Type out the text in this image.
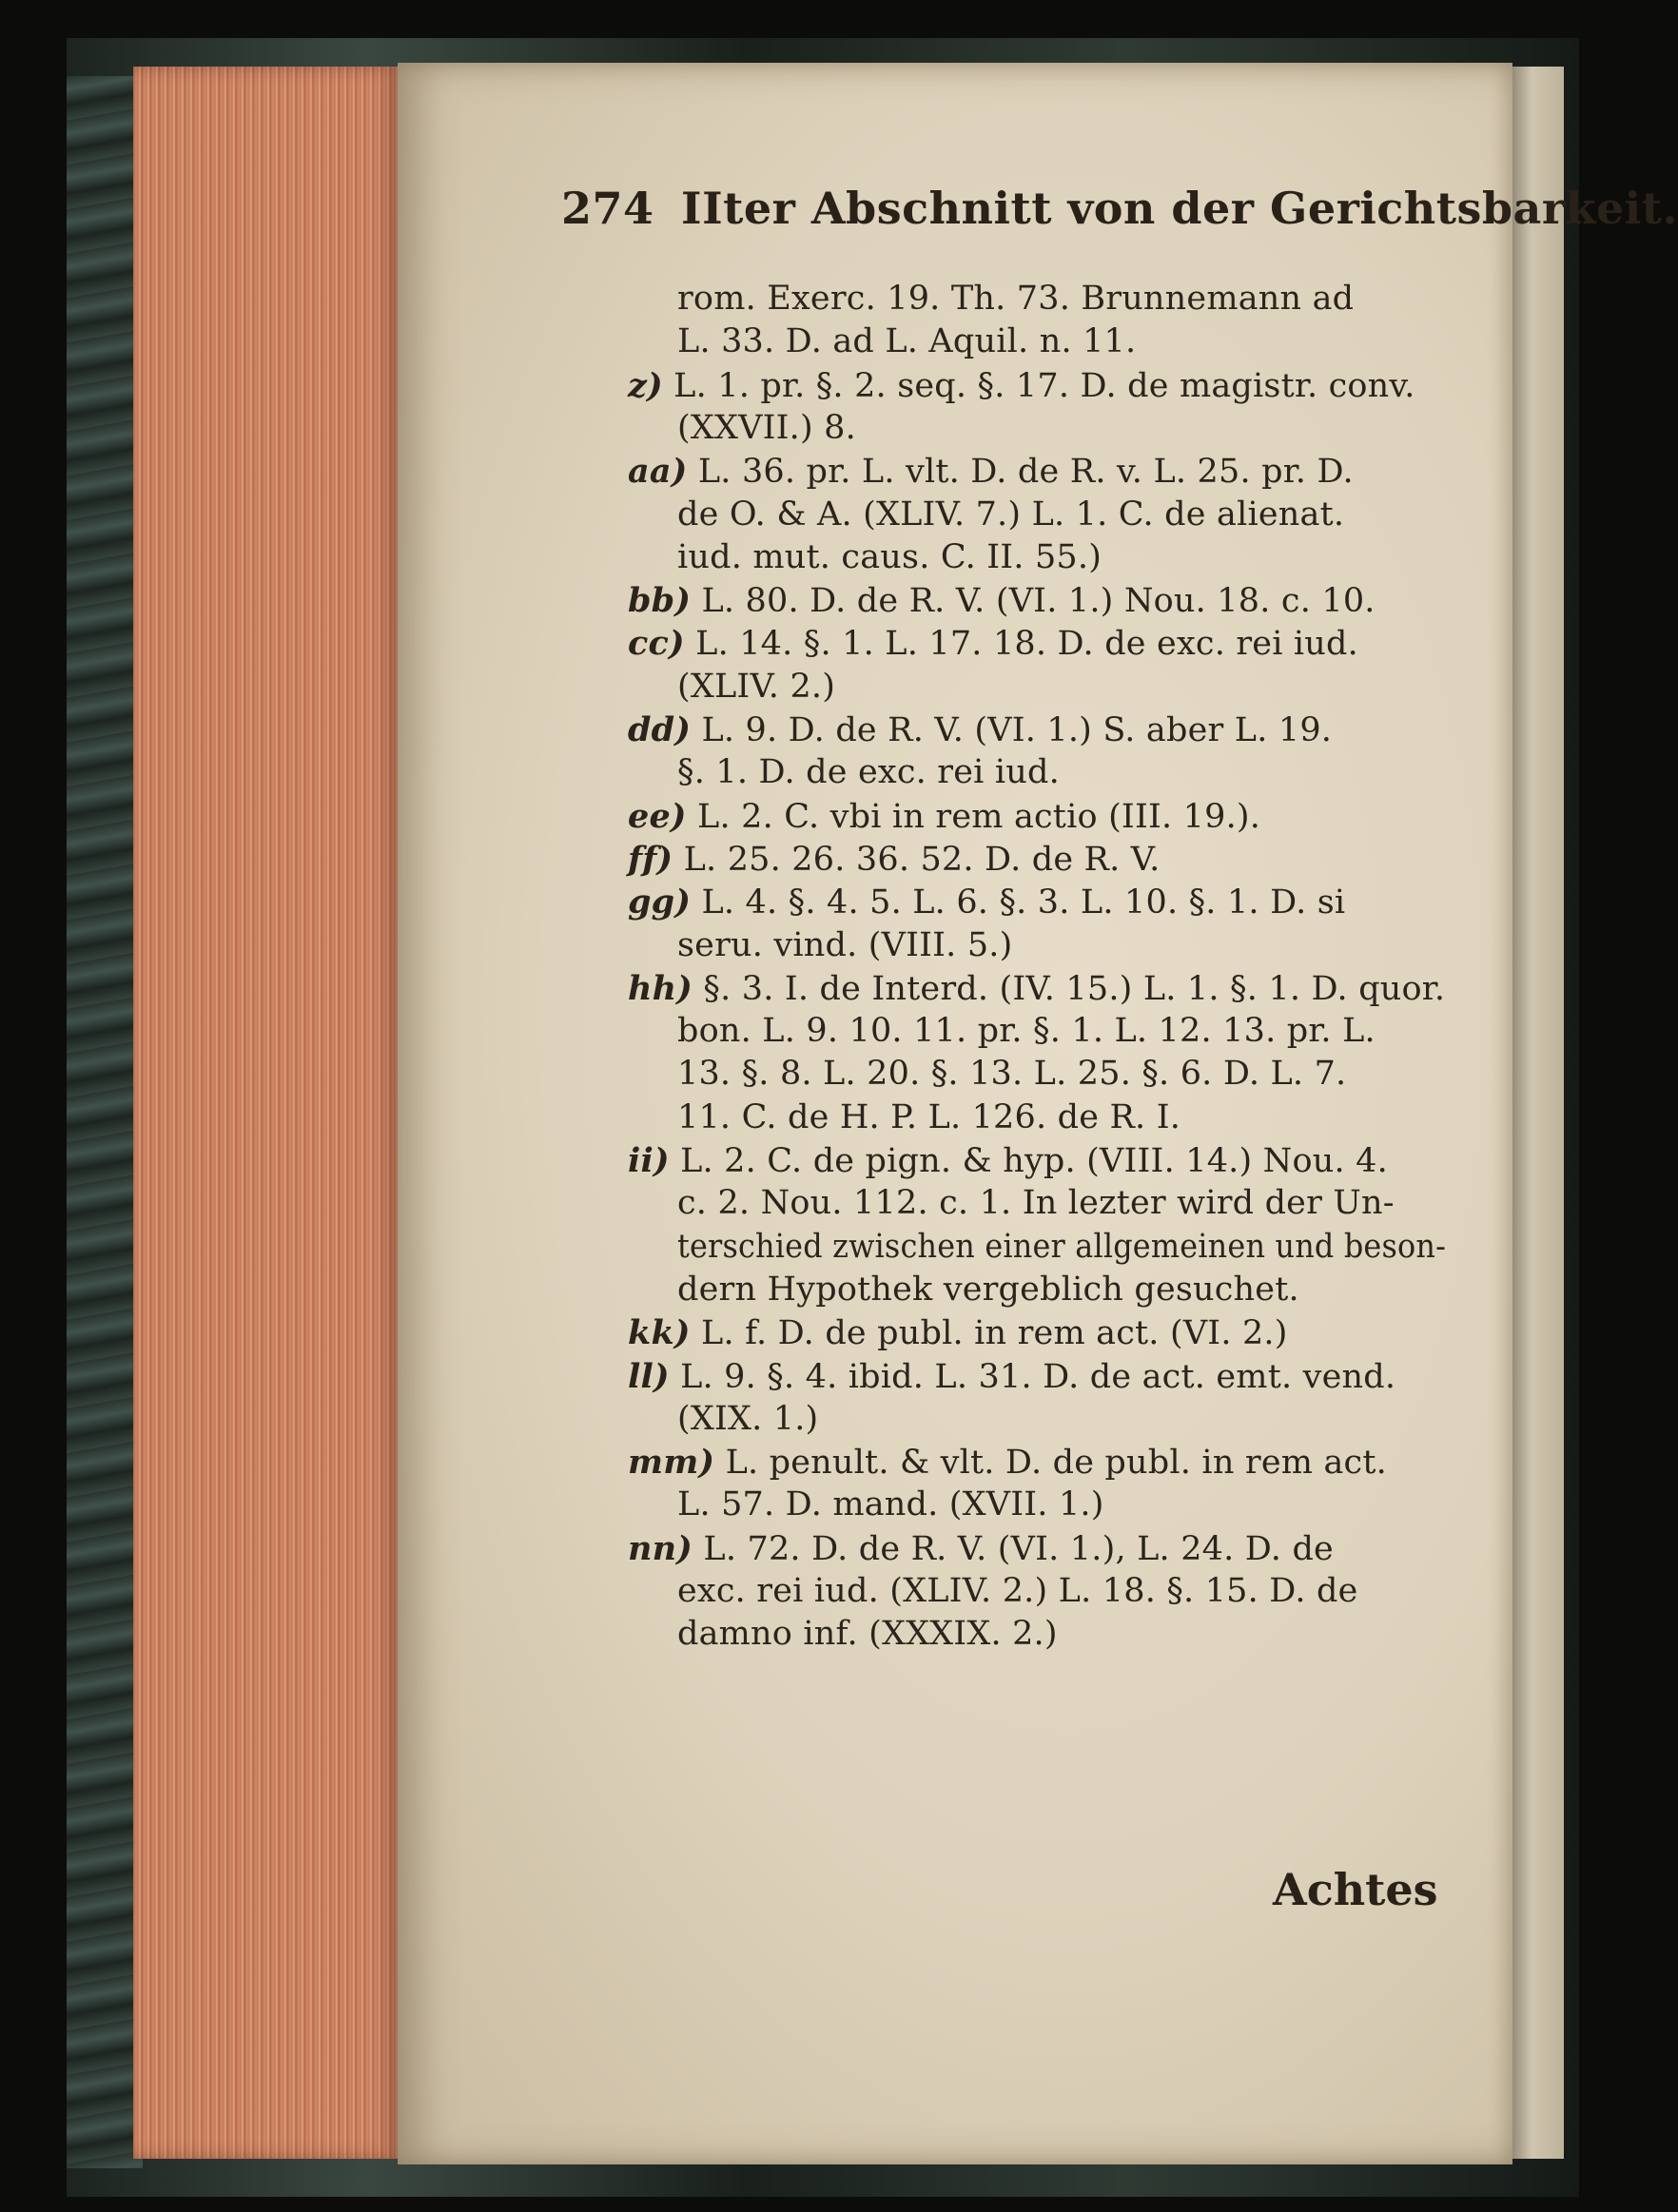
274 IIter Abschnitt von der Gerichtsbarkeit.
rom. Exerc. 19. Th. 73. Brunnemann ad
L. 33. D. ad L. Aquil. n. 11.
z) L. 1. pr. §. 2. seq. §. 17. D. de magistr. conv.
(XXVII.) 8.
aa) L. 36. pr. L. vlt. D. de R. v. L. 25. pr. D.
de O. & A. (XLIV. 7.) L. 1. C. de alienat.
iud. mut. caus. C. II. 55.)
bb) L. 80. D. de R. V. (VI. 1.) Nou. 18. c. 10.
cc) L. 14. §. 1. L. 17. 18. D. de exc. rei iud.
(XLIV. 2.)
dd) L. 9. D. de R. V. (VI. 1.) S. aber L. 19.
§. 1. D. de exc. rei iud.
ee) L. 2. C. vbi in rem actio (III. 19.).
ff) L. 25. 26. 36. 52. D. de R. V.
gg) L. 4. §. 4. 5. L. 6. §. 3. L. 10. §. 1. D. si
seru. vind. (VIII. 5.)
hh) §. 3. I. de Interd. (IV. 15.) L. 1. §. 1. D. quor.
bon. L. 9. 10. 11. pr. §. 1. L. 12. 13. pr. L.
13. §. 8. L. 20. §. 13. L. 25. §. 6. D. L. 7.
11. C. de H. P. L. 126. de R. I.
ii) L. 2. C. de pign. & hyp. (VIII. 14.) Nou. 4.
c. 2. Nou. 112. c. 1. In lezter wird der Un-
terschied zwischen einer allgemeinen und beson-
dern Hypothek vergeblich gesuchet.
kk) L. f. D. de publ. in rem act. (VI. 2.)
ll) L. 9. §. 4. ibid. L. 31. D. de act. emt. vend.
(XIX. 1.)
mm) L. penult. & vlt. D. de publ. in rem act.
L. 57. D. mand. (XVII. 1.)
nn) L. 72. D. de R. V. (VI. 1.), L. 24. D. de
exc. rei iud. (XLIV. 2.) L. 18. §. 15. D. de
damno inf. (XXXIX. 2.)
Achtes
